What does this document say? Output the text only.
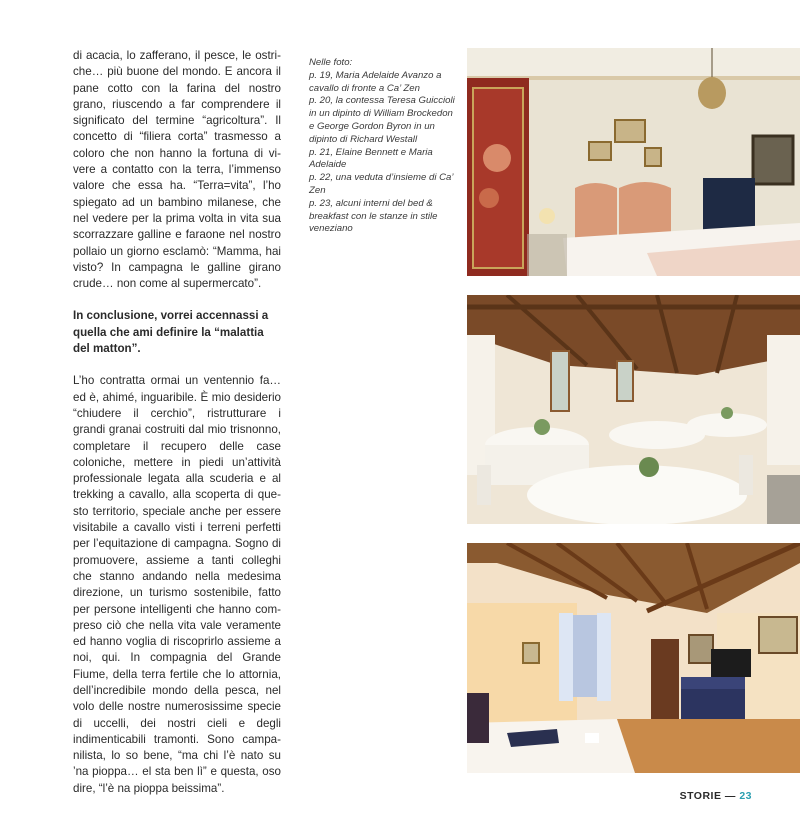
di acacia, lo zafferano, il pesce, le ostriche… più buone del mondo. E ancora il pane cotto con la farina del nostro grano, riuscendo a far comprendere il significato del termine “agricoltura”. Il concetto di “filiera corta” trasmesso a coloro che non hanno la fortuna di vivere a contatto con la terra, l’immenso valore che essa ha. “Terra=vita”, l’ho spiegato ad un bambino milanese, che nel vedere per la prima volta in vita sua scorrazzare galline e faraone nel nostro pollaio un giorno esclamò: “Mamma, hai visto? In campagna le galline girano crude… non come al supermercato”.

In conclusione, vorrei accennassi a quella che ami definire la “malattia del matton”.

L’ho contratta ormai un ventennio fa… ed è, ahimé, inguaribile. È mio desiderio “chiudere il cerchio”, ristrutturare i grandi granai costruiti dal mio trisnonno, completare il recupero delle case coloniche, mettere in piedi un’attività professionale legata alla scuderia e al trekking a cavallo, alla scoperta di questo territorio, speciale anche per essere visitabile a cavallo visti i terreni perfetti per l’equitazione di campagna. Sogno di promuovere, assieme a tanti colleghi che stanno andando nella medesima direzione, un turismo sostenibile, fatto per persone intelligenti che hanno compreso ciò che nella vita vale veramente ed hanno voglia di riscoprirlo assieme a noi, qui. In compagnia del Grande Fiume, della terra fertile che lo attornia, dell’incredibile mondo della pesca, nel volo delle nostre numerosissime specie di uccelli, dei nostri cieli e degli indimenticabili tramonti. Sono campanilista, lo so bene, “ma chi l’è nato su ’na pioppa… el sta ben lì” e questa, oso dire, “l’è na pioppa beissima”.

Nelle foto:
p. 19, Maria Adelaide Avanzo a cavallo di fronte a Ca’ Zen
p. 20, la contessa Teresa Guiccioli in un dipinto di William Brockedon e George Gordon Byron in un dipinto di Richard Westall
p. 21, Elaine Bennett e Maria Adelaide
p. 22, una veduta d’insieme di Ca’ Zen
p. 23, alcuni interni del bed & breakfast con le stanze in stile veneziano
STORIE — 23
